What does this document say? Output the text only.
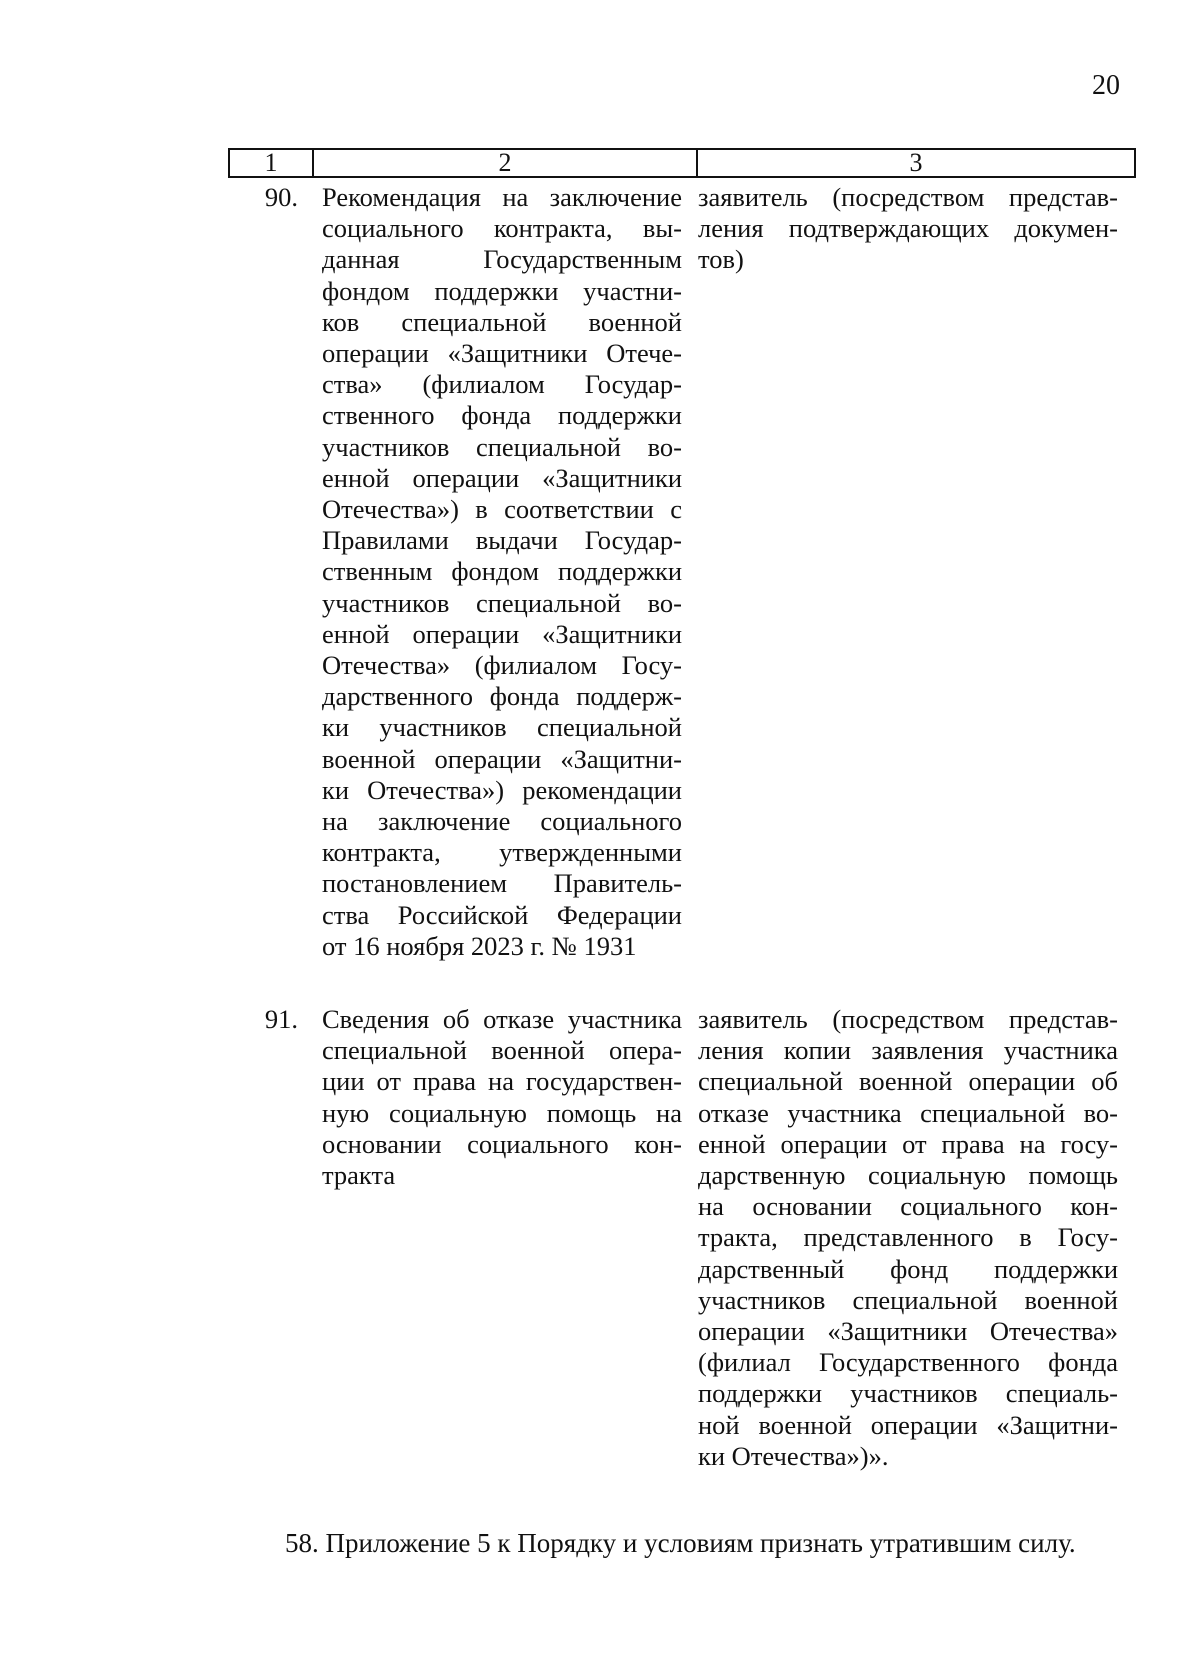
20
1	2	3
90. Рекомендация на заключение
социального контракта, вы-
данная Государственным
фондом поддержки участни-
ков специальной военной
операции «Защитники Отече-
ства» (филиалом Государ-
ственного фонда поддержки
участников специальной во-
енной операции «Защитники
Отечества») в соответствии с
Правилами выдачи Государ-
ственным фондом поддержки
участников специальной во-
енной операции «Защитники
Отечества» (филиалом Госу-
дарственного фонда поддерж-
ки участников специальной
военной операции «Защитни-
ки Отечества») рекомендации
на заключение социального
контракта, утвержденными
постановлением Правитель-
ства Российской Федерации
от 16 ноября 2023 г. № 1931
заявитель (посредством представ-
ления подтверждающих докумен-
тов)
91. Сведения об отказе участника
специальной военной опера-
ции от права на государствен-
ную социальную помощь на
основании социального кон-
тракта
заявитель (посредством представ-
ления копии заявления участника
специальной военной операции об
отказе участника специальной во-
енной операции от права на госу-
дарственную социальную помощь
на основании социального кон-
тракта, представленного в Госу-
дарственный фонд поддержки
участников специальной военной
операции «Защитники Отечества»
(филиал Государственного фонда
поддержки участников специаль-
ной военной операции «Защитни-
ки Отечества»)».
58. Приложение 5 к Порядку и условиям признать утратившим силу.
